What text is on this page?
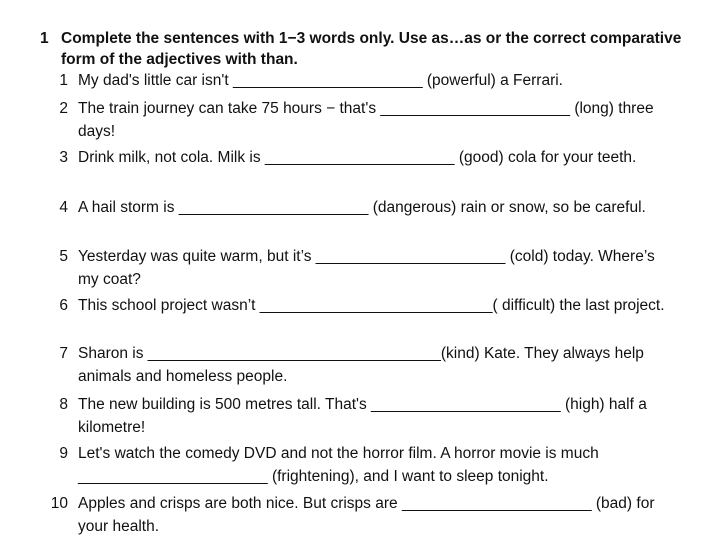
1 Complete the sentences with 1−3 words only. Use as…as or the correct comparative form of the adjectives with than.
1 My dad's little car isn't ______________________ (powerful) a Ferrari.
2 The train journey can take 75 hours − that's ______________________ (long) three days!
3 Drink milk, not cola. Milk is ______________________ (good) cola for your teeth.
4 A hail storm is ______________________ (dangerous) rain or snow, so be careful.
5 Yesterday was quite warm, but it’s ______________________ (cold) today. Where’s my coat?
6 This school project wasn’t ___________________________( difficult) the last project.
7 Sharon is __________________________________(kind) Kate. They always help animals and homeless people.
8 The new building is 500 metres tall. That's ______________________ (high) half a kilometre!
9 Let's watch the comedy DVD and not the horror film. A horror movie is much ______________________ (frightening), and I want to sleep tonight.
10 Apples and crisps are both nice. But crisps are ______________________ (bad) for your health.
